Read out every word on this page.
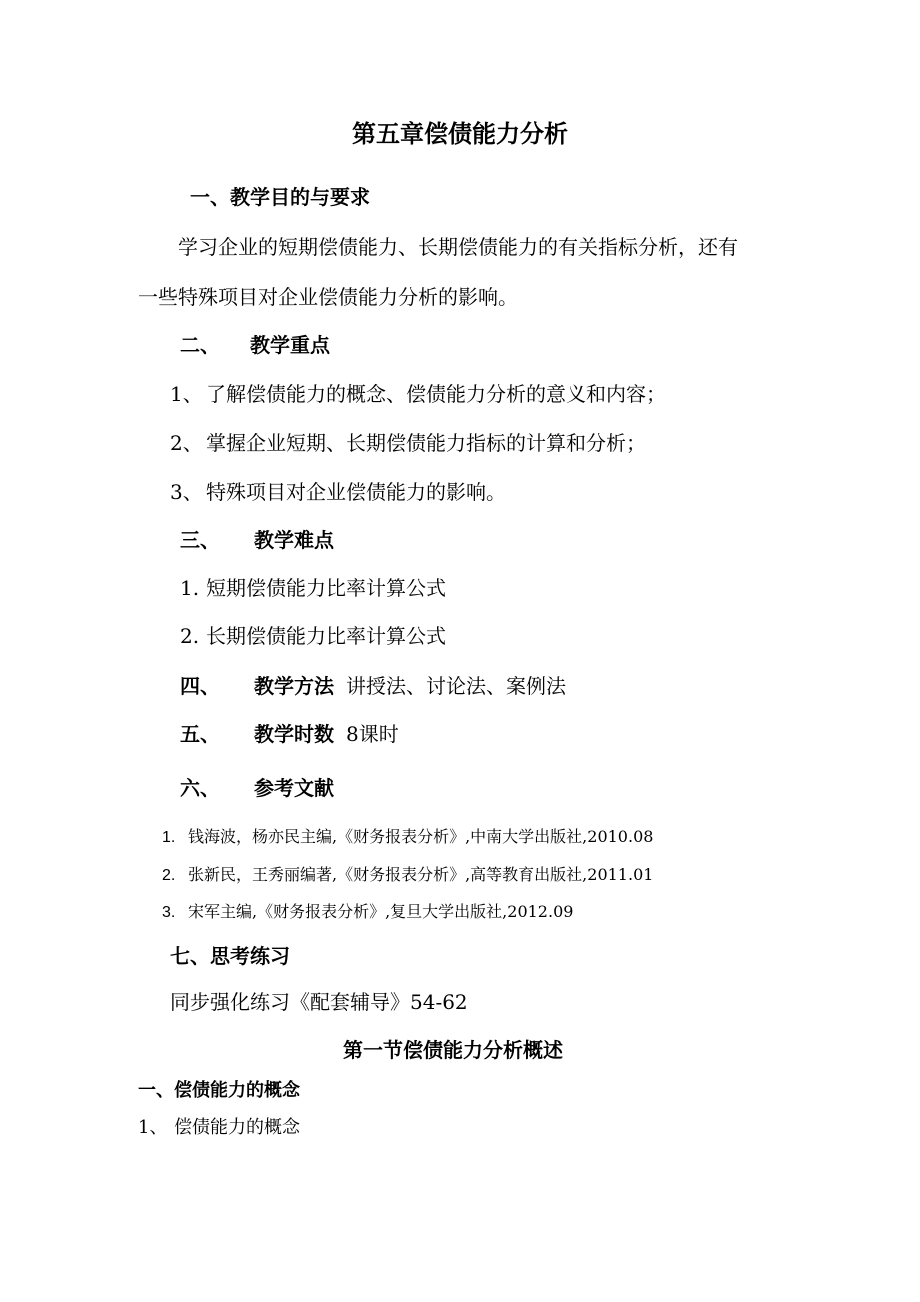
第五章偿债能力分析
一、教学目的与要求
学习企业的短期偿债能力、长期偿债能力的有关指标分析，还有
一些特殊项目对企业偿债能力分析的影响。
二、 教学重点
1、 了解偿债能力的概念、偿债能力分析的意义和内容；
2、 掌握企业短期、长期偿债能力指标的计算和分析；
3、 特殊项目对企业偿债能力的影响。
三、 教学难点
1. 短期偿债能力比率计算公式
2. 长期偿债能力比率计算公式
四、 教学方法 讲授法、讨论法、案例法
五、 教学时数 8课时
六、 参考文献
1. 钱海波，杨亦民主编,《财务报表分析》,中南大学出版社,2010.08
2. 张新民，王秀丽编著,《财务报表分析》,高等教育出版社,2011.01
3. 宋军主编,《财务报表分析》,复旦大学出版社,2012.09
七、思考练习
同步强化练习《配套辅导》54-62
第一节偿债能力分析概述
一、偿债能力的概念
1、 偿债能力的概念
